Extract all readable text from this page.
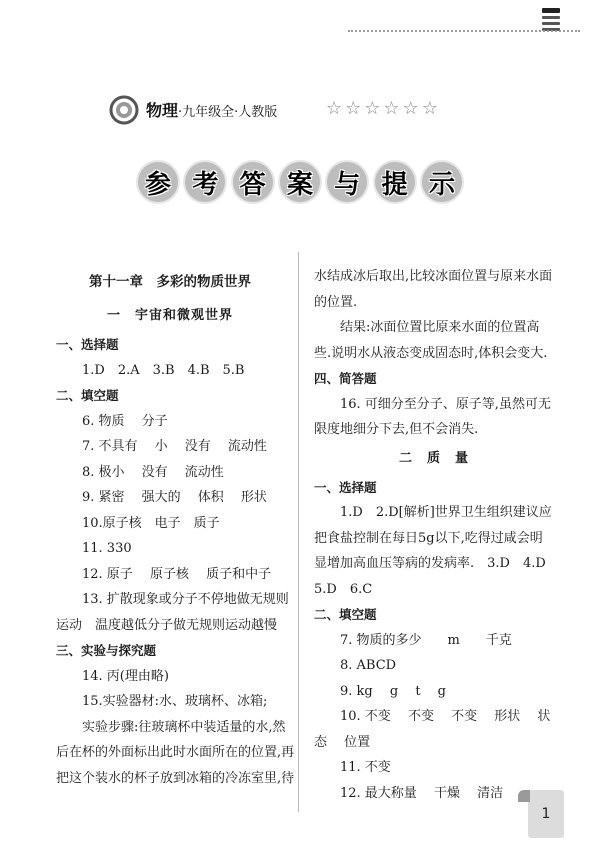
物理·九年级全·人教版	☆ ☆ ☆ ☆ ☆ ☆
参 考 答 案 与 提 示
第十一章　多彩的物质世界
一　宇宙和微观世界
一、选择题
1.D　2.A　3.B　4.B　5.B
二、填空题
6. 物质　 分子
7. 不具有　 小　 没有　 流动性
8. 极小　 没有　 流动性
9. 紧密　 强大的　 体积　 形状
10.原子核　电子　质子
11. 330
12. 原子　 原子核　 质子和中子
13. 扩散现象或分子不停地做无规则
运动　温度越低分子做无规则运动越慢
三、实验与探究题
14. 丙(理由略)
15.实验器材:水、玻璃杯、冰箱;
实验步骤:往玻璃杯中装适量的水,然
后在杯的外面标出此时水面所在的位置,再
把这个装水的杯子放到冰箱的冷冻室里,待
水结成冰后取出,比较冰面位置与原来水面
的位置.
结果:冰面位置比原来水面的位置高
些.说明水从液态变成固态时,体积会变大.
四、简答题
16. 可细分至分子、原子等,虽然可无
限度地细分下去,但不会消失.
二　质　量
一、选择题
1.D　2.D[解析]世界卫生组织建议应
把食盐控制在每日5g以下,吃得过咸会明
显增加高血压等病的发病率.　3.D　4.D
5.D　6.C
二、填空题
7. 物质的多少　　m　　千克
8. ABCD
9. kg　 g　 t　 g
10. 不变　 不变　 不变　 形状　 状
态　 位置
11. 不变
12. 最大称量　 干燥　 清洁
1
